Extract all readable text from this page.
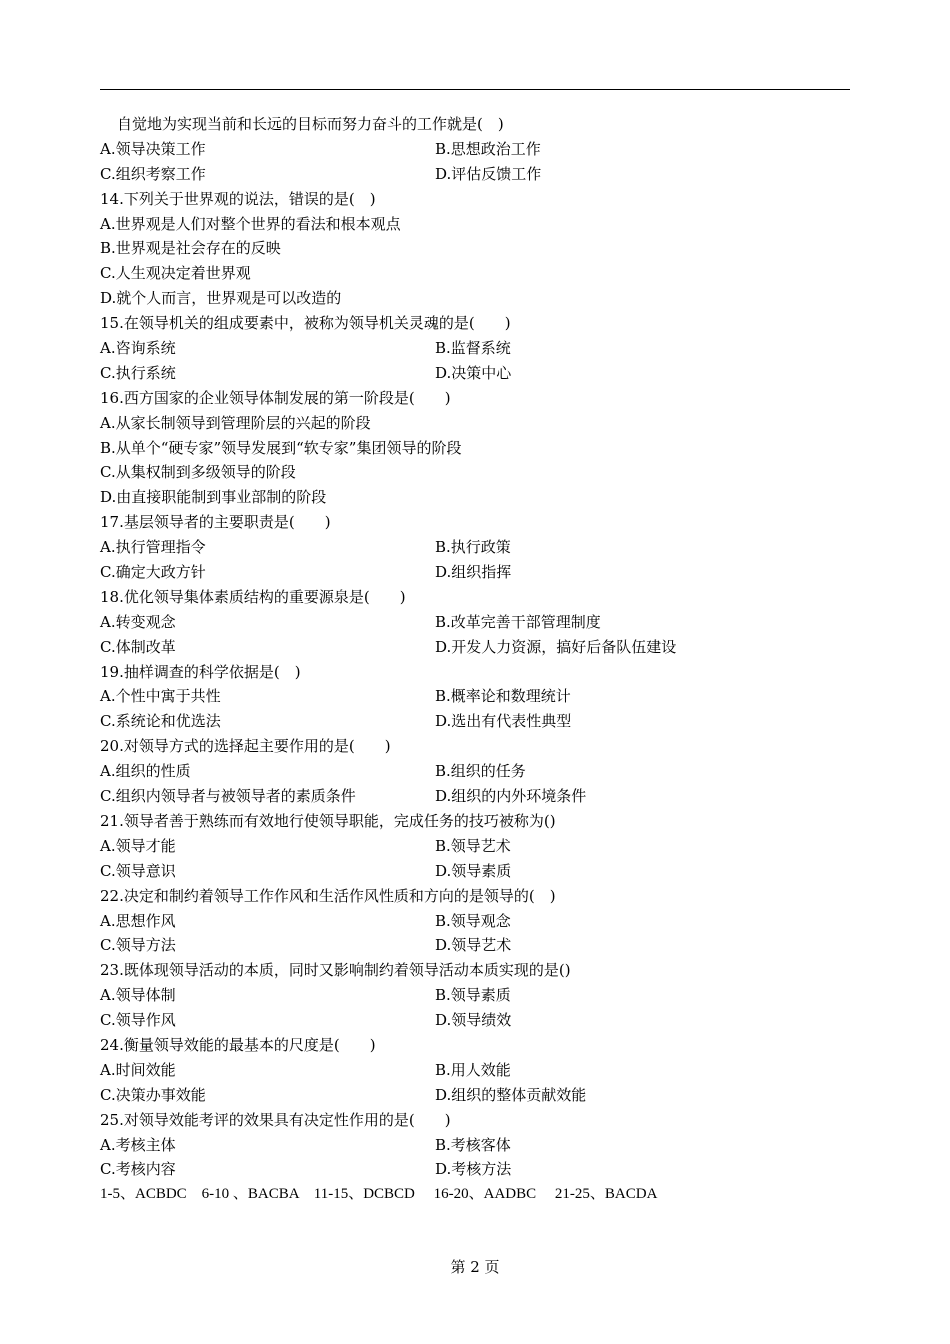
自觉地为实现当前和长远的目标而努力奋斗的工作就是(　)
A.领导决策工作	B.思想政治工作
C.组织考察工作	D.评估反馈工作
14.下列关于世界观的说法，错误的是(　)
A.世界观是人们对整个世界的看法和根本观点
B.世界观是社会存在的反映
C.人生观决定着世界观
D.就个人而言，世界观是可以改造的
15.在领导机关的组成要素中，被称为领导机关灵魂的是(　　)
A.咨询系统	B.监督系统
C.执行系统	D.决策中心
16.西方国家的企业领导体制发展的第一阶段是(　　)
A.从家长制领导到管理阶层的兴起的阶段
B.从单个“硬专家”领导发展到“软专家”集团领导的阶段
C.从集权制到多级领导的阶段
D.由直接职能制到事业部制的阶段
17.基层领导者的主要职责是(　　)
A.执行管理指令	B.执行政策
C.确定大政方针	D.组织指挥
18.优化领导集体素质结构的重要源泉是(　　)
A.转变观念	B.改革完善干部管理制度
C.体制改革	D.开发人力资源，搞好后备队伍建设
19.抽样调查的科学依据是(　)
A.个性中寓于共性	B.概率论和数理统计
C.系统论和优选法	D.选出有代表性典型
20.对领导方式的选择起主要作用的是(　　)
A.组织的性质	B.组织的任务
C.组织内领导者与被领导者的素质条件	D.组织的内外环境条件
21.领导者善于熟练而有效地行使领导职能，完成任务的技巧被称为()
A.领导才能	B.领导艺术
C.领导意识	D.领导素质
22.决定和制约着领导工作作风和生活作风性质和方向的是领导的(　)
A.思想作风	B.领导观念
C.领导方法	D.领导艺术
23.既体现领导活动的本质，同时又影响制约着领导活动本质实现的是()
A.领导体制	B.领导素质
C.领导作风	D.领导绩效
24.衡量领导效能的最基本的尺度是(　　)
A.时间效能	B.用人效能
C.决策办事效能	D.组织的整体贡献效能
25.对领导效能考评的效果具有决定性作用的是(　　)
A.考核主体	B.考核客体
C.考核内容	D.考核方法
1-5、ACBDC　6-10 、BACBA　11-15、DCBCD　 16-20、AADBC　 21-25、BACDA
第 2 页
